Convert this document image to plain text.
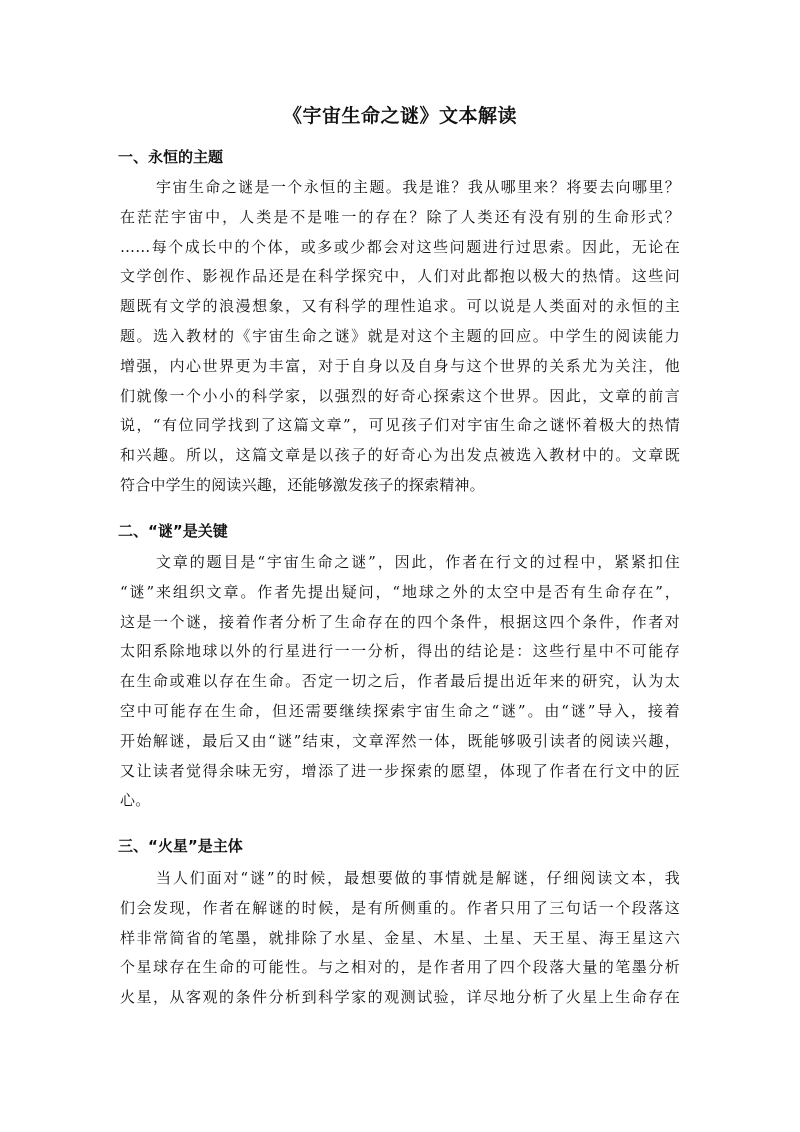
《宇宙生命之谜》文本解读
一、永恒的主题
宇宙生命之谜是一个永恒的主题。我是谁？我从哪里来？将要去向哪里？
在茫茫宇宙中，人类是不是唯一的存在？除了人类还有没有别的生命形式？
……每个成长中的个体，或多或少都会对这些问题进行过思索。因此，无论在
文学创作、影视作品还是在科学探究中，人们对此都抱以极大的热情。这些问
题既有文学的浪漫想象，又有科学的理性追求。可以说是人类面对的永恒的主
题。选入教材的《宇宙生命之谜》就是对这个主题的回应。中学生的阅读能力
增强，内心世界更为丰富，对于自身以及自身与这个世界的关系尤为关注，他
们就像一个小小的科学家，以强烈的好奇心探索这个世界。因此，文章的前言
说，“有位同学找到了这篇文章”，可见孩子们对宇宙生命之谜怀着极大的热情
和兴趣。所以，这篇文章是以孩子的好奇心为出发点被选入教材中的。文章既
符合中学生的阅读兴趣，还能够激发孩子的探索精神。
二、“谜”是关键
文章的题目是“宇宙生命之谜”，因此，作者在行文的过程中，紧紧扣住
“谜”来组织文章。作者先提出疑问，“地球之外的太空中是否有生命存在”，
这是一个谜，接着作者分析了生命存在的四个条件，根据这四个条件，作者对
太阳系除地球以外的行星进行一一分析，得出的结论是：这些行星中不可能存
在生命或难以存在生命。否定一切之后，作者最后提出近年来的研究，认为太
空中可能存在生命，但还需要继续探索宇宙生命之“谜”。由“谜”导入，接着
开始解谜，最后又由“谜”结束，文章浑然一体，既能够吸引读者的阅读兴趣，
又让读者觉得余味无穷，增添了进一步探索的愿望，体现了作者在行文中的匠
心。
三、“火星”是主体
当人们面对“谜”的时候，最想要做的事情就是解谜，仔细阅读文本，我
们会发现，作者在解谜的时候，是有所侧重的。作者只用了三句话一个段落这
样非常简省的笔墨，就排除了水星、金星、木星、土星、天王星、海王星这六
个星球存在生命的可能性。与之相对的，是作者用了四个段落大量的笔墨分析
火星，从客观的条件分析到科学家的观测试验，详尽地分析了火星上生命存在
